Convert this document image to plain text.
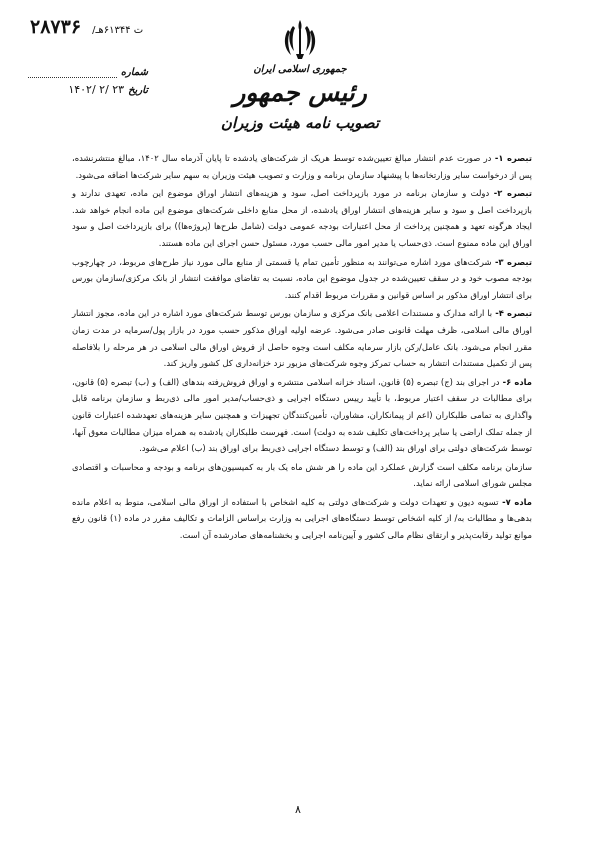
۲۸۷۳۶ /ت ۶۱۳۴۴هـ
جمهوری اسلامی ایران
رئیس جمهور
تصویب نامه هیئت وزیران
شماره
تاریخ
۱۴۰۲/ ۲/ ۲۳

تبصره ۱- در صورت عدم انتشار مبالغ تعیین‌شده توسط هریک از شرکت‌های یادشده تا پایان آذرماه سال ۱۴۰۲، مبالغ منتشرنشده، پس از درخواست سایر وزارتخانه‌ها با پیشنهاد سازمان برنامه و وزارت و تصویب هیئت وزیران به سهم سایر شرکت‌ها اضافه می‌شود.

تبصره ۲- دولت و سازمان برنامه در مورد بازپرداخت اصل، سود و هزینه‌های انتشار اوراق موضوع این ماده، تعهدی ندارند و بازپرداخت اصل و سود و سایر هزینه‌های انتشار اوراق یادشده، از محل منابع داخلی شرکت‌های موضوع این ماده انجام خواهد شد. ایجاد هرگونه تعهد و همچنین پرداخت از محل اعتبارات بودجه عمومی دولت (شامل طرح‌ها (پروژه‌ها)) برای بازپرداخت اصل و سود اوراق این ماده ممنوع است. ذی‌حساب یا مدیر امور مالی حسب مورد، مسئول حسن اجرای این ماده هستند.

تبصره ۳- شرکت‌های مورد اشاره می‌توانند به منظور تأمین تمام یا قسمتی از منابع مالی مورد نیاز طرح‌های مربوط، در چهارچوب بودجه مصوب خود و در سقف تعیین‌شده در جدول موضوع این ماده، نسبت به تقاضای موافقت انتشار از بانک مرکزی/سازمان بورس برای انتشار اوراق مذکور بر اساس قوانین و مقررات مربوط اقدام کنند.

تبصره ۴- با ارائه مدارک و مستندات اعلامی بانک مرکزی و سازمان بورس توسط شرکت‌های مورد اشاره در این ماده، مجوز انتشار اوراق مالی اسلامی، ظرف مهلت قانونی صادر می‌شود. عرضه اولیه اوراق مذکور حسب مورد در بازار پول/سرمایه در مدت زمان مقرر انجام می‌شود. بانک عامل/رکن بازار سرمایه مکلف است وجوه حاصل از فروش اوراق مالی اسلامی در هر مرحله را بلافاصله پس از تکمیل مستندات انتشار به حساب تمرکز وجوه شرکت‌های مزبور نزد خزانه‌داری کل کشور واریز کند.

ماده ۶- در اجرای بند (ج) تبصره (۵) قانون، اسناد خزانه اسلامی منتشره و اوراق فروش‌رفته بندهای (الف) و (ب) تبصره (۵) قانون، برای مطالبات در سقف اعتبار مربوط، با تأیید رییس دستگاه اجرایی و ذی‌حساب/مدیر امور مالی ذی‌ربط و سازمان برنامه قابل واگذاری به تمامی طلبکاران (اعم از پیمانکاران، مشاوران، تأمین‌کنندگان تجهیزات و همچنین سایر هزینه‌های تعهدشده اعتبارات قانون از جمله تملک اراضی یا سایر پرداخت‌های تکلیف شده به دولت) است. فهرست طلبکاران یادشده به همراه میزان مطالبات معوق آنها، توسط شرکت‌های دولتی برای اوراق بند (الف) و توسط دستگاه اجرایی ذی‌ربط برای اوراق بند (ب) اعلام می‌شود.

سازمان برنامه مکلف است گزارش عملکرد این ماده را هر شش ماه یک بار به کمیسیون‌های برنامه و بودجه و محاسبات و اقتصادی مجلس شورای اسلامی ارائه نماید.

ماده ۷- تسویه دیون و تعهدات دولت و شرکت‌های دولتی به کلیه اشخاص با استفاده از اوراق مالی اسلامی، منوط به اعلام مانده بدهی‌ها و مطالبات به/ از کلیه اشخاص توسط دستگاه‌های اجرایی به وزارت براساس الزامات و تکالیف مقرر در ماده (۱) قانون رفع موانع تولید رقابت‌پذیر و ارتقای نظام مالی کشور و آیین‌نامه اجرایی و بخشنامه‌های صادرشده آن است.

۸
